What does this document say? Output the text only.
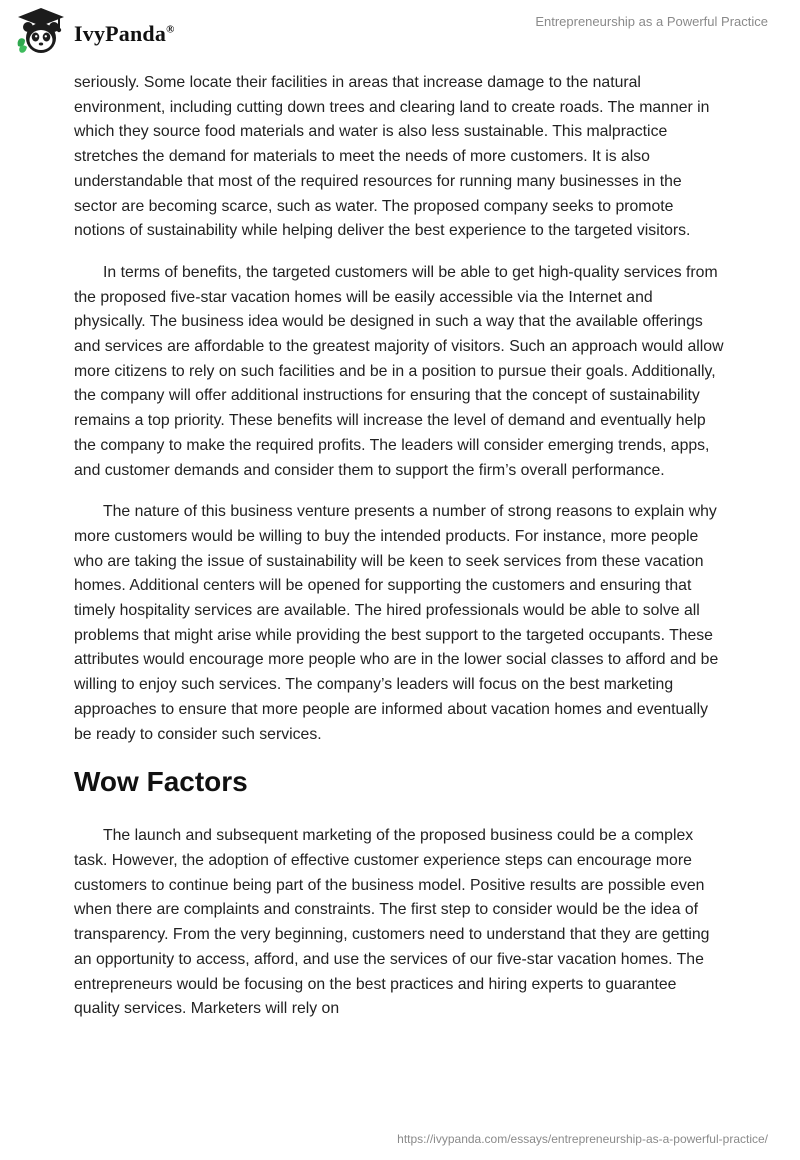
IvyPanda®
Entrepreneurship as a Powerful Practice

seriously. Some locate their facilities in areas that increase damage to the natural environment, including cutting down trees and clearing land to create roads. The manner in which they source food materials and water is also less sustainable. This malpractice stretches the demand for materials to meet the needs of more customers. It is also understandable that most of the required resources for running many businesses in the sector are becoming scarce, such as water. The proposed company seeks to promote notions of sustainability while helping deliver the best experience to the targeted visitors.

In terms of benefits, the targeted customers will be able to get high-quality services from the proposed five-star vacation homes will be easily accessible via the Internet and physically. The business idea would be designed in such a way that the available offerings and services are affordable to the greatest majority of visitors. Such an approach would allow more citizens to rely on such facilities and be in a position to pursue their goals. Additionally, the company will offer additional instructions for ensuring that the concept of sustainability remains a top priority. These benefits will increase the level of demand and eventually help the company to make the required profits. The leaders will consider emerging trends, apps, and customer demands and consider them to support the firm’s overall performance.

The nature of this business venture presents a number of strong reasons to explain why more customers would be willing to buy the intended products. For instance, more people who are taking the issue of sustainability will be keen to seek services from these vacation homes. Additional centers will be opened for supporting the customers and ensuring that timely hospitality services are available. The hired professionals would be able to solve all problems that might arise while providing the best support to the targeted occupants. These attributes would encourage more people who are in the lower social classes to afford and be willing to enjoy such services. The company’s leaders will focus on the best marketing approaches to ensure that more people are informed about vacation homes and eventually be ready to consider such services.

Wow Factors

The launch and subsequent marketing of the proposed business could be a complex task. However, the adoption of effective customer experience steps can encourage more customers to continue being part of the business model. Positive results are possible even when there are complaints and constraints. The first step to consider would be the idea of transparency. From the very beginning, customers need to understand that they are getting an opportunity to access, afford, and use the services of our five-star vacation homes. The entrepreneurs would be focusing on the best practices and hiring experts to guarantee quality services. Marketers will rely on

https://ivypanda.com/essays/entrepreneurship-as-a-powerful-practice/
